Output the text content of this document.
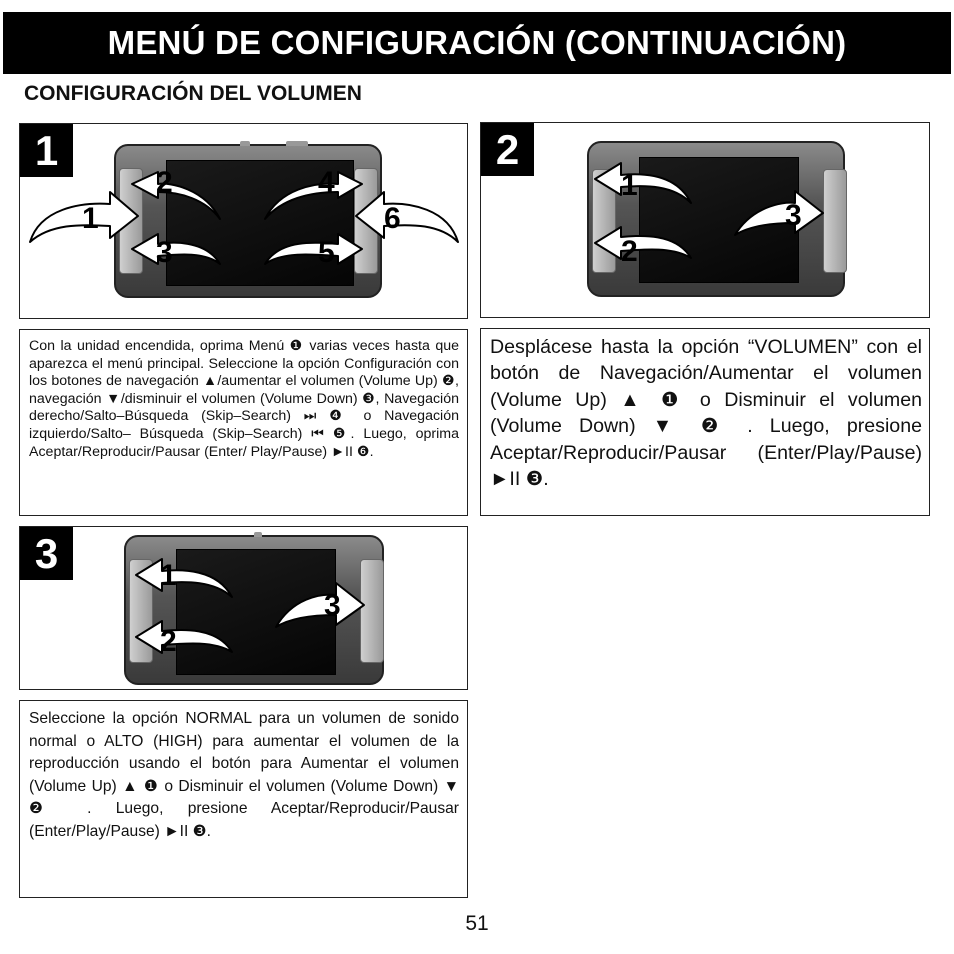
MENÚ DE CONFIGURACIÓN (CONTINUACIÓN)
CONFIGURACIÓN DEL VOLUMEN
1
1
2
3
4
5
6
2
1
2
3
Con la unidad encendida, oprima Menú ❶ varias veces hasta que aparezca el menú principal. Seleccione la opción Configuración con los botones de navegación ▲/aumentar el volumen (Volume Up) ❷, navegación ▼/disminuir el volumen (Volume Down) ❸, Navegación derecho/Salto–Búsqueda (Skip–Search) ⏭ ❹ o Navegación izquierdo/Salto– Búsqueda (Skip–Search) ⏮ ❺. Luego, oprima Aceptar/Reproducir/Pausar (Enter/ Play/Pause) ►II ❻.
Desplácese hasta la opción “VOLUMEN” con el botón de Navegación/Aumentar el volumen (Volume Up) ▲ ❶ o Disminuir el volumen (Volume Down) ▼ ❷ . Luego, presione Aceptar/Reproducir/Pausar (Enter/Play/Pause) ►II ❸.
3	1
2
3
Seleccione la opción NORMAL para un volumen de sonido normal o ALTO (HIGH) para aumentar el volumen de la reproducción usando el botón para Aumentar el volumen (Volume Up) ▲ ❶ o Disminuir el volumen (Volume Down) ▼ ❷ . Luego, presione Aceptar/Reproducir/Pausar (Enter/Play/Pause) ►II ❸.
51
